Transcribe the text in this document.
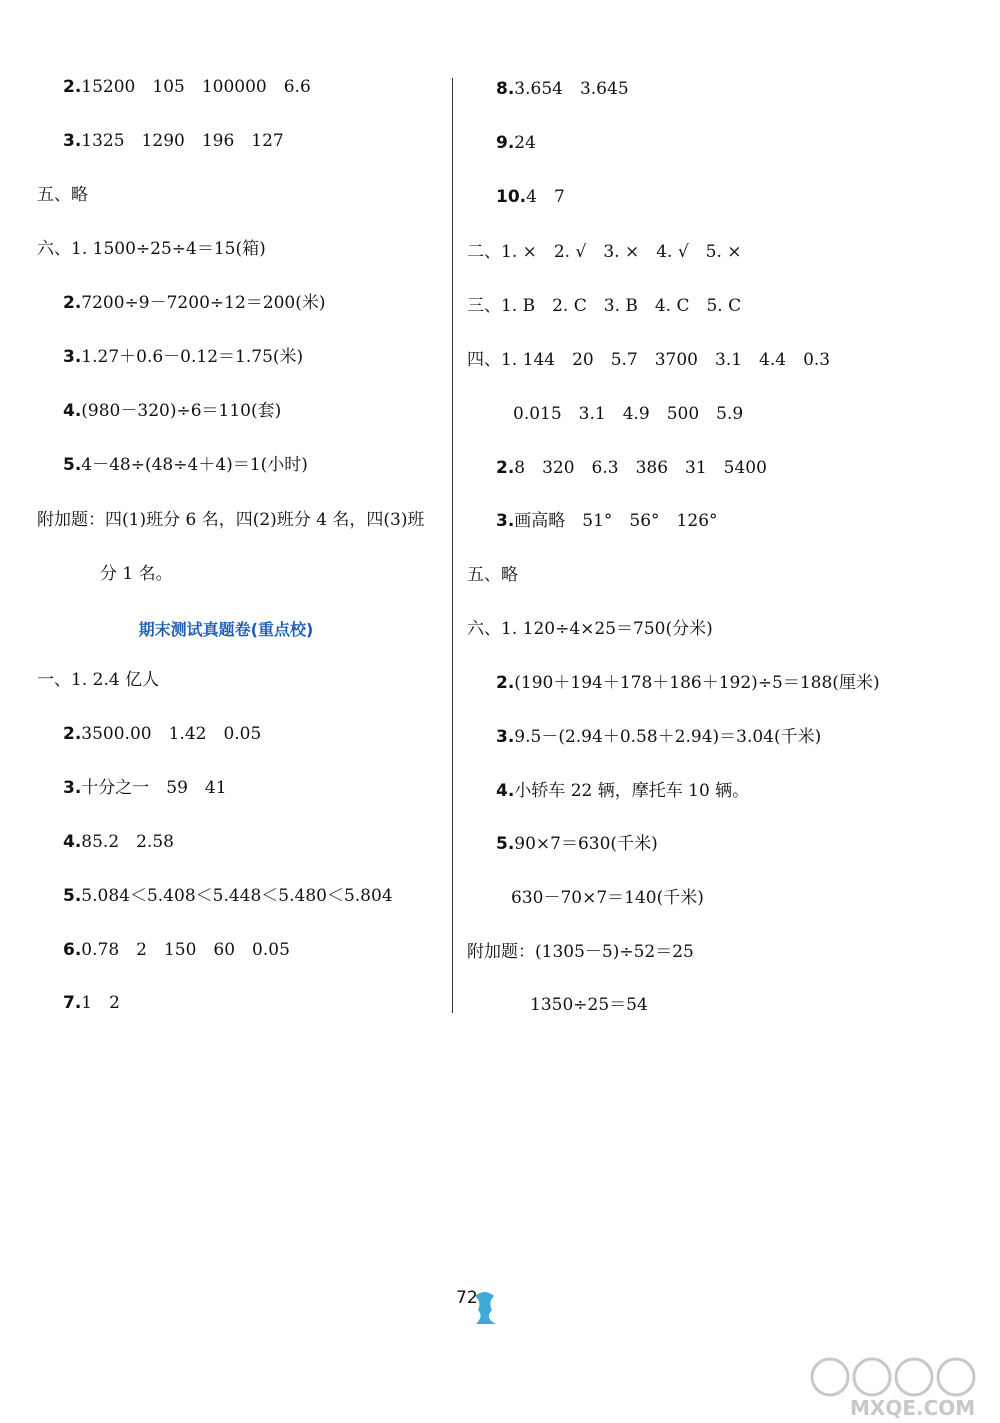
2.15200　105　100000　6.6
3.1325　1290　196　127
五、略
六、1. 1500÷25÷4＝15(箱)
2.7200÷9－7200÷12＝200(米)
3.1.27＋0.6－0.12＝1.75(米)
4.(980－320)÷6＝110(套)
5.4－48÷(48÷4＋4)＝1(小时)
附加题：四(1)班分 6 名，四(2)班分 4 名，四(3)班
分 1 名。
期末测试真题卷(重点校)
一、1. 2.4 亿人
2.3500.00　1.42　0.05
3.十分之一　59　41
4.85.2　2.58
5.5.084＜5.408＜5.448＜5.480＜5.804
6.0.78　2　150　60　0.05
7.1　2
8.3.654　3.645
9.24
10.4　7
二、1. ×　2. √　3. ×　4. √　5. ×
三、1. B　2. C　3. B　4. C　5. C
四、1. 144　20　5.7　3700　3.1　4.4　0.3
0.015　3.1　4.9　500　5.9
2.8　320　6.3　386　31　5400
3.画高略　51°　56°　126°
五、略
六、1. 120÷4×25＝750(分米)
2.(190＋194＋178＋186＋192)÷5＝188(厘米)
3.9.5－(2.94＋0.58＋2.94)＝3.04(千米)
4.小轿车 22 辆，摩托车 10 辆。
5.90×7＝630(千米)
630－70×7＝140(千米)
附加题：(1305－5)÷52＝25
1350÷25＝54
72
MXQE.COM
